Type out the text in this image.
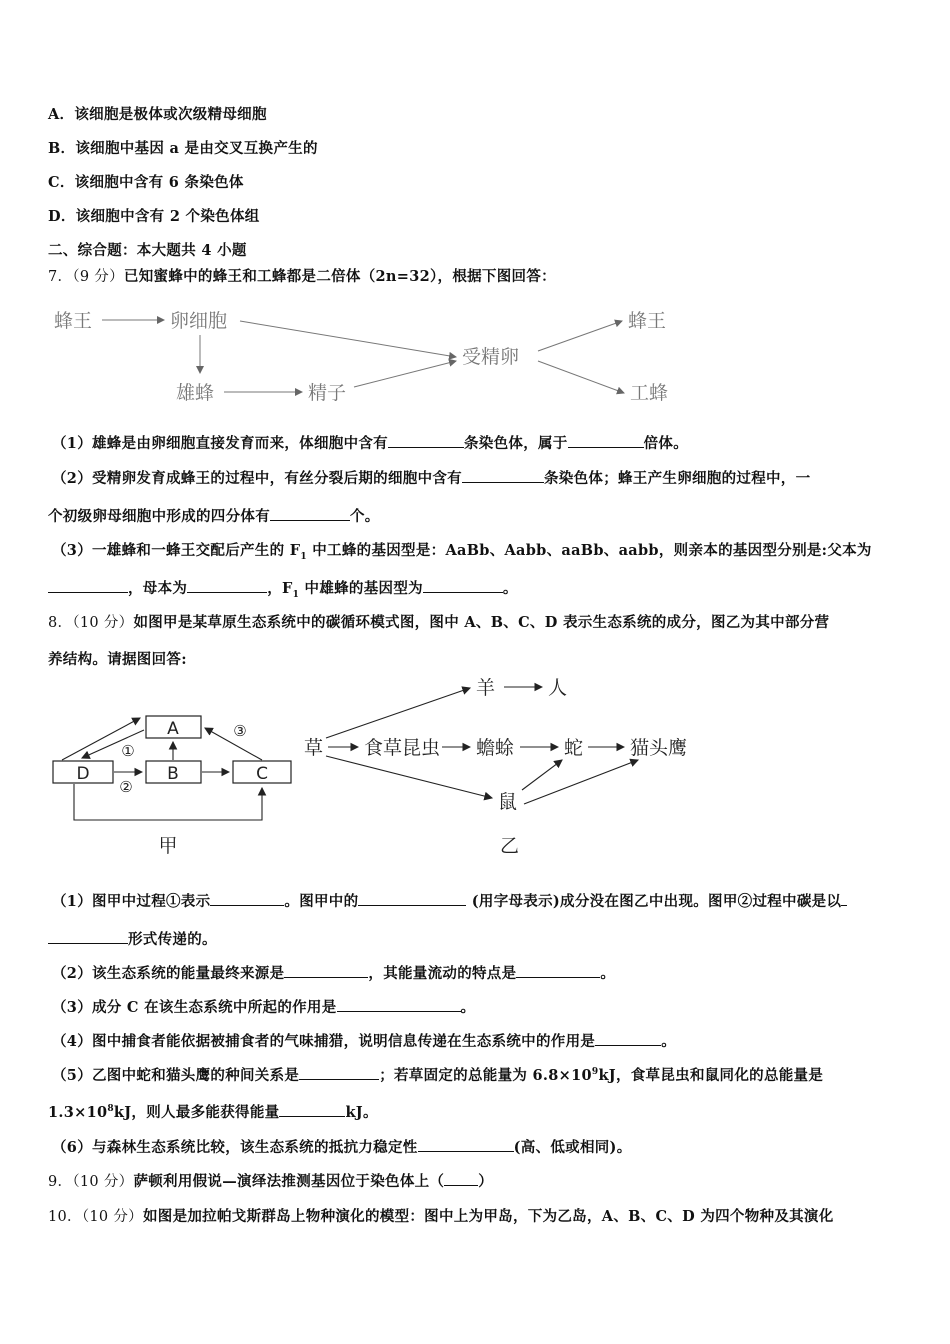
A．该细胞是极体或次级精母细胞
B．该细胞中基因 a 是由交叉互换产生的
C．该细胞中含有 6 条染色体
D．该细胞中含有 2 个染色体组
二、综合题：本大题共 4 小题
7．（9 分）已知蜜蜂中的蜂王和工蜂都是二倍体（2n=32），根据下图回答：
蜂王	卵细胞
雄蜂	精子
受精卵
蜂王
工蜂
（1）雄蜂是由卵细胞直接发育而来，体细胞中含有	条染色体，属于	倍体。
（2）受精卵发育成蜂王的过程中，有丝分裂后期的细胞中含有	条染色体；蜂王产生卵细胞的过程中，一
个初级卵母细胞中形成的四分体有	个。
（3）一雄蜂和一蜂王交配后产生的 $F_1$ 中工蜂的基因型是：AaBb、Aabb、aaBb、aabb，则亲本的基因型分别是:父本为
，母本为	，$F_1$ 中雄蜂的基因型为	。
8．（10 分）如图甲是某草原生态系统中的碳循环模式图，图中 A、B、C、D 表示生态系统的成分，图乙为其中部分营
养结构。请据图回答:
A
D	B	C
①
②
③
甲
草
羊	人
食草昆虫 蟾蜍	蛇 猫头鹰
鼠
乙
（1）图甲中过程①表示	。图甲中的	(用字母表示)成分没在图乙中出现。图甲②过程中碳是以
形式传递的。
（2）该生态系统的能量最终来源是	，其能量流动的特点是	。
（3）成分 C 在该生态系统中所起的作用是	。
（4）图中捕食者能依据被捕食者的气味捕猎，说明信息传递在生态系统中的作用是	。
（5）乙图中蛇和猫头鹰的种间关系是	；若草固定的总能量为 $6.8\times 10^9kJ$，食草昆虫和鼠同化的总能量是
$1.3\times 10^8kJ$，则人最多能获得能量	kJ。
（6）与森林生态系统比较，该生态系统的抵抗力稳定性	(高、低或相同)。
9．（10 分）萨顿利用假说—演绎法推测基因位于染色体上（ ）
10．（10 分）如图是加拉帕戈斯群岛上物种演化的模型：图中上为甲岛，下为乙岛，A、B、C、D 为四个物种及其演化
